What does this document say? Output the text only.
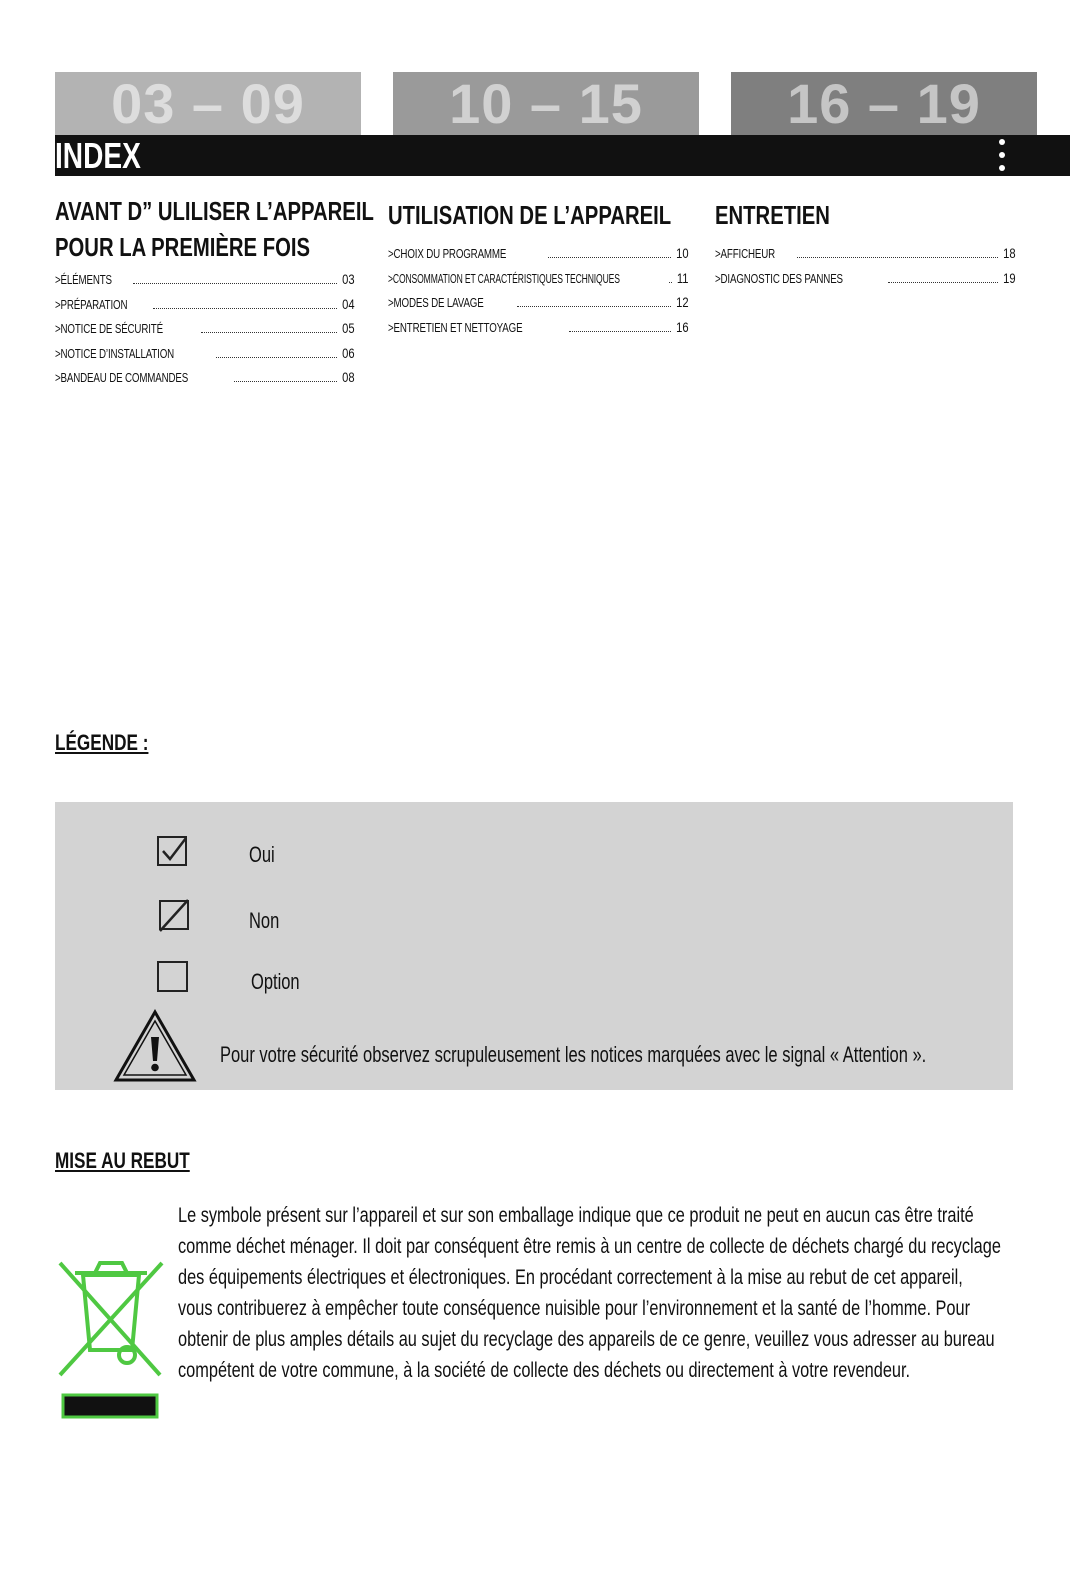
03 – 09	10 – 15	16 – 19
INDEX
AVANT D” ULILISER L’APPAREIL
POUR LA PREMIÈRE FOIS
>ÉLÉMENTS	03
>PRÉPARATION	04
>NOTICE DE SÉCURITÉ	05
>NOTICE D’INSTALLATION	06
>BANDEAU DE COMMANDES	08
UTILISATION DE L’APPAREIL
>CHOIX DU PROGRAMME	10
>CONSOMMATION ET CARACTÉRISTIQUES TECHNIQUES	11
>MODES DE LAVAGE	12
>ENTRETIEN ET NETTOYAGE	16
ENTRETIEN
>AFFICHEUR	18
>DIAGNOSTIC DES PANNES	19
LÉGENDE :
Oui
Non
Option
Pour votre sécurité observez scrupuleusement les notices marquées avec le signal « Attention ».
MISE AU REBUT

Le symbole présent sur l’appareil et sur son emballage indique que ce produit ne peut en aucun cas être traité

comme déchet ménager. Il doit par conséquent être remis à un centre de collecte de déchets chargé du recyclage

des équipements électriques et électroniques. En procédant correctement à la mise au rebut de cet appareil,

vous contribuerez à empêcher toute conséquence nuisible pour l’environnement et la santé de l’homme. Pour

obtenir de plus amples détails au sujet du recyclage des appareils de ce genre, veuillez vous adresser au bureau

compétent de votre commune, à la société de collecte des déchets ou directement à votre revendeur.
